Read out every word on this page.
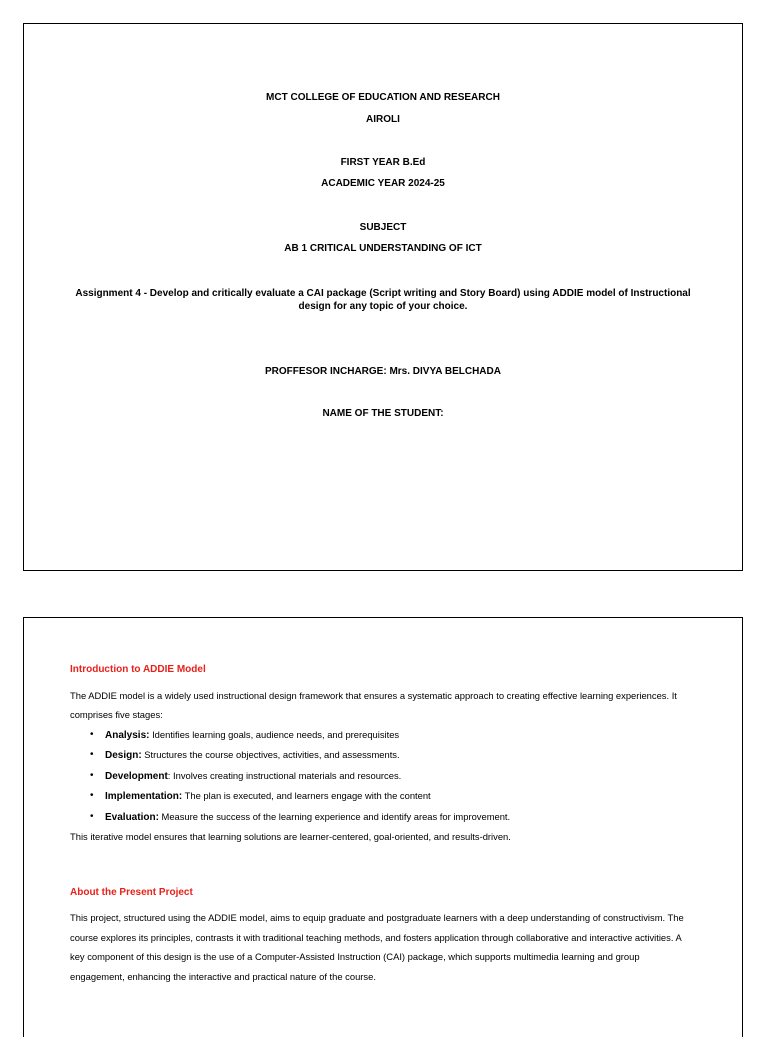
MCT COLLEGE OF EDUCATION AND RESEARCH
AIROLI
FIRST YEAR B.Ed
ACADEMIC YEAR 2024-25
SUBJECT
AB 1 CRITICAL UNDERSTANDING OF ICT
Assignment 4 - Develop and critically evaluate a CAI package (Script writing and Story Board) using ADDIE model of Instructional design for any topic of your choice.
PROFFESOR INCHARGE: Mrs. DIVYA BELCHADA
NAME OF THE STUDENT:

Introduction to ADDIE Model

The ADDIE model is a widely used instructional design framework that ensures a systematic approach to creating effective learning experiences. It comprises five stages:

• Analysis: Identifies learning goals, audience needs, and prerequisites
• Design: Structures the course objectives, activities, and assessments.
• Development: Involves creating instructional materials and resources.
• Implementation: The plan is executed, and learners engage with the content
• Evaluation: Measure the success of the learning experience and identify areas for improvement.

This iterative model ensures that learning solutions are learner-centered, goal-oriented, and results-driven.

About the Present Project

This project, structured using the ADDIE model, aims to equip graduate and postgraduate learners with a deep understanding of constructivism. The course explores its principles, contrasts it with traditional teaching methods, and fosters application through collaborative and interactive activities. A key component of this design is the use of a Computer-Assisted Instruction (CAI) package, which supports multimedia learning and group engagement, enhancing the interactive and practical nature of the course.
